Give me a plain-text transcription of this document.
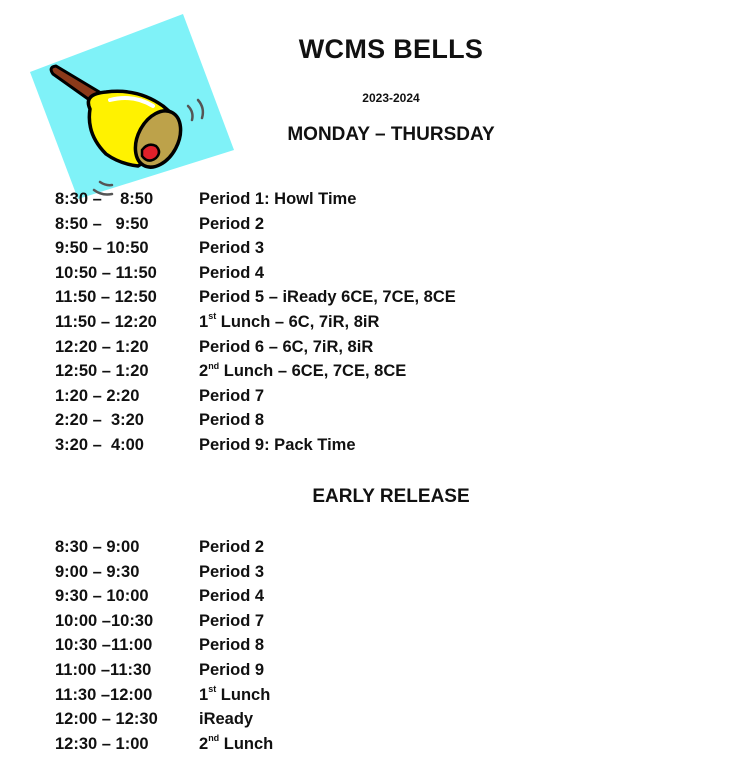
WCMS BELLS
2023-2024
MONDAY – THURSDAY
8:30 –    8:50	Period 1: Howl Time
8:50 –   9:50	Period 2
9:50 – 10:50	Period 3
10:50 – 11:50	Period 4
11:50 – 12:50	Period 5 – iReady 6CE, 7CE, 8CE
11:50 – 12:20	1st Lunch – 6C, 7iR, 8iR
12:20 – 1:20	Period 6 – 6C, 7iR, 8iR
12:50 – 1:20	2nd Lunch – 6CE, 7CE, 8CE
1:20 – 2:20	Period 7
2:20 –  3:20	Period 8
3:20 –  4:00	Period 9: Pack Time
EARLY RELEASE
8:30 – 9:00	Period 2
9:00 – 9:30	Period 3
9:30 – 10:00	Period 4
10:00 –10:30	Period 7
10:30 –11:00	Period 8
11:00 –11:30	Period 9
11:30 –12:00	1st Lunch
12:00 – 12:30	iReady
12:30 – 1:00	2nd Lunch
